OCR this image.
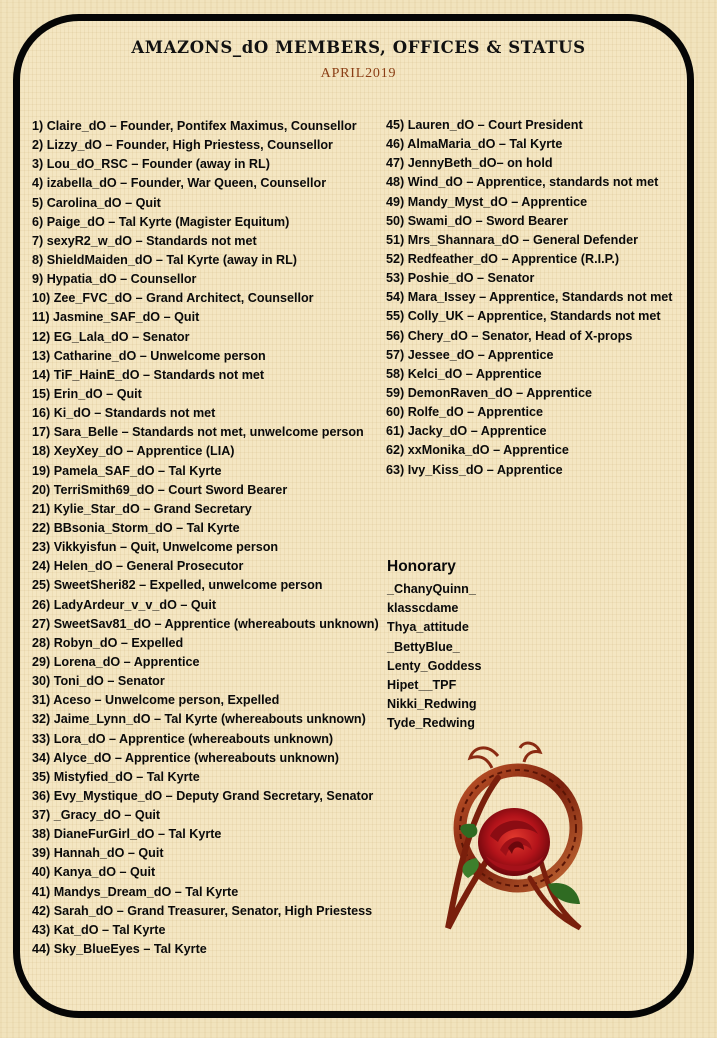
AMAZONS_dO MEMBERS, OFFICES & STATUS
APRIL2019
1) Claire_dO – Founder, Pontifex Maximus, Counsellor
2) Lizzy_dO – Founder, High Priestess, Counsellor
3) Lou_dO_RSC – Founder (away in RL)
4) izabella_dO – Founder, War Queen, Counsellor
5) Carolina_dO – Quit
6) Paige_dO – Tal Kyrte (Magister Equitum)
7) sexyR2_w_dO – Standards not met
8) ShieldMaiden_dO – Tal Kyrte (away in RL)
9) Hypatia_dO – Counsellor
10) Zee_FVC_dO – Grand Architect, Counsellor
11) Jasmine_SAF_dO – Quit
12) EG_Lala_dO – Senator
13) Catharine_dO – Unwelcome person
14) TiF_HainE_dO – Standards not met
15) Erin_dO – Quit
16) Ki_dO – Standards not met
17) Sara_Belle – Standards not met, unwelcome person
18) XeyXey_dO – Apprentice (LIA)
19) Pamela_SAF_dO – Tal Kyrte
20) TerriSmith69_dO – Court Sword Bearer
21) Kylie_Star_dO – Grand Secretary
22) BBsonia_Storm_dO – Tal Kyrte
23) Vikkyisfun – Quit, Unwelcome person
24) Helen_dO – General Prosecutor
25) SweetSheri82 – Expelled, unwelcome person
26) LadyArdeur_v_v_dO – Quit
27) SweetSav81_dO – Apprentice (whereabouts unknown)
28) Robyn_dO – Expelled
29) Lorena_dO – Apprentice
30) Toni_dO – Senator
31) Aceso – Unwelcome person, Expelled
32) Jaime_Lynn_dO – Tal Kyrte (whereabouts unknown)
33) Lora_dO – Apprentice (whereabouts unknown)
34) Alyce_dO – Apprentice (whereabouts unknown)
35) Mistyfied_dO – Tal Kyrte
36) Evy_Mystique_dO – Deputy Grand Secretary, Senator
37) _Gracy_dO – Quit
38) DianeFurGirl_dO – Tal Kyrte
39) Hannah_dO – Quit
40) Kanya_dO – Quit
41) Mandys_Dream_dO – Tal Kyrte
42) Sarah_dO – Grand Treasurer, Senator, High Priestess
43) Kat_dO – Tal Kyrte
44) Sky_BlueEyes – Tal Kyrte
45) Lauren_dO – Court President
46) AlmaMaria_dO – Tal Kyrte
47) JennyBeth_dO– on hold
48) Wind_dO – Apprentice, standards not met
49) Mandy_Myst_dO – Apprentice
50) Swami_dO – Sword Bearer
51) Mrs_Shannara_dO – General Defender
52) Redfeather_dO – Apprentice (R.I.P.)
53) Poshie_dO – Senator
54) Mara_Issey – Apprentice, Standards not met
55) Colly_UK – Apprentice, Standards not met
56) Chery_dO – Senator, Head of X-props
57) Jessee_dO – Apprentice
58) Kelci_dO – Apprentice
59) DemonRaven_dO – Apprentice
60) Rolfe_dO – Apprentice
61) Jacky_dO – Apprentice
62) xxMonika_dO – Apprentice
63) Ivy_Kiss_dO – Apprentice
Honorary
_ChanyQuinn_
klasscdame
Thya_attitude
_BettyBlue_
Lenty_Goddess
Hipet__TPF
Nikki_Redwing
Tyde_Redwing
